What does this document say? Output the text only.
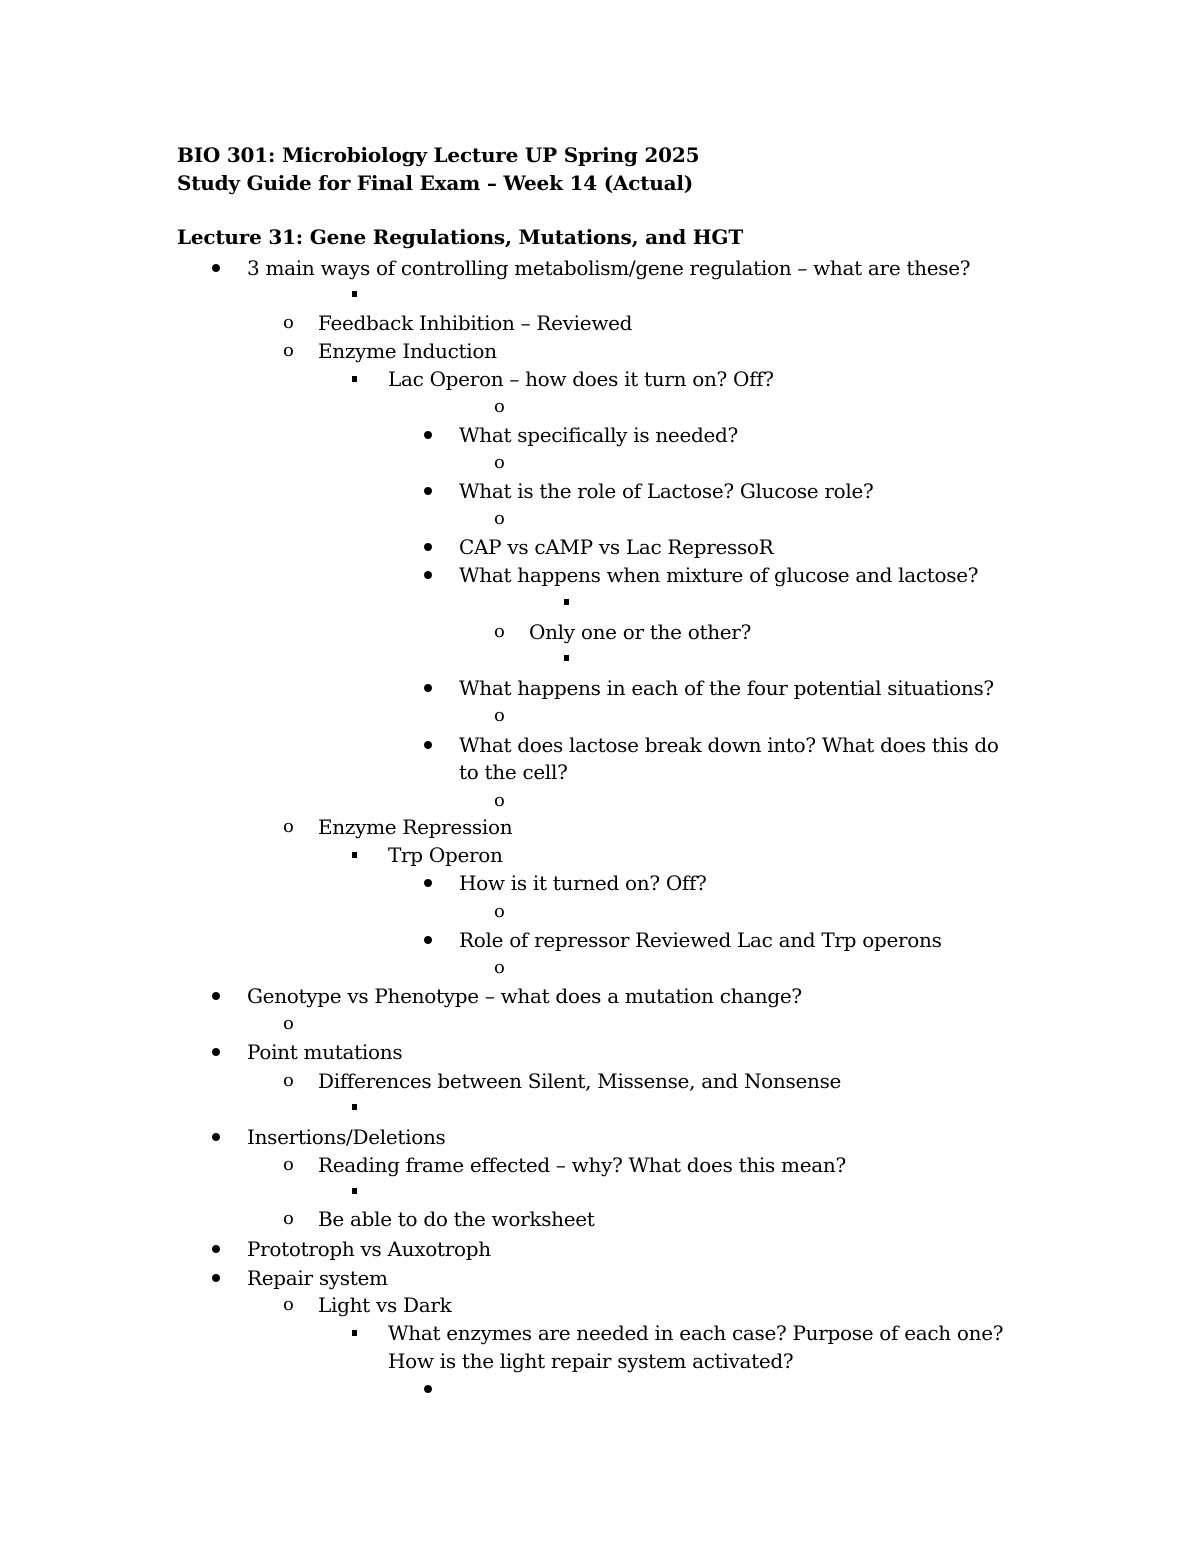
BIO 301: Microbiology Lecture UP Spring 2025
Study Guide for Final Exam – Week 14 (Actual)
Lecture 31: Gene Regulations, Mutations, and HGT
3 main ways of controlling metabolism/gene regulation – what are these?
o Feedback Inhibition – Reviewed
o Enzyme Induction
Lac Operon – how does it turn on? Off?
o
What specifically is needed?
o
What is the role of Lactose? Glucose role?
o
CAP vs cAMP vs Lac RepressoR
What happens when mixture of glucose and lactose?
o Only one or the other?
What happens in each of the four potential situations?
o
What does lactose break down into? What does this do
to the cell?
o
o Enzyme Repression
Trp Operon
How is it turned on? Off?
o
Role of repressor Reviewed Lac and Trp operons
o
Genotype vs Phenotype – what does a mutation change?
o
Point mutations
o Differences between Silent, Missense, and Nonsense
Insertions/Deletions
o Reading frame effected – why? What does this mean?
o Be able to do the worksheet
Prototroph vs Auxotroph
Repair system
o Light vs Dark
What enzymes are needed in each case? Purpose of each one?
How is the light repair system activated?
